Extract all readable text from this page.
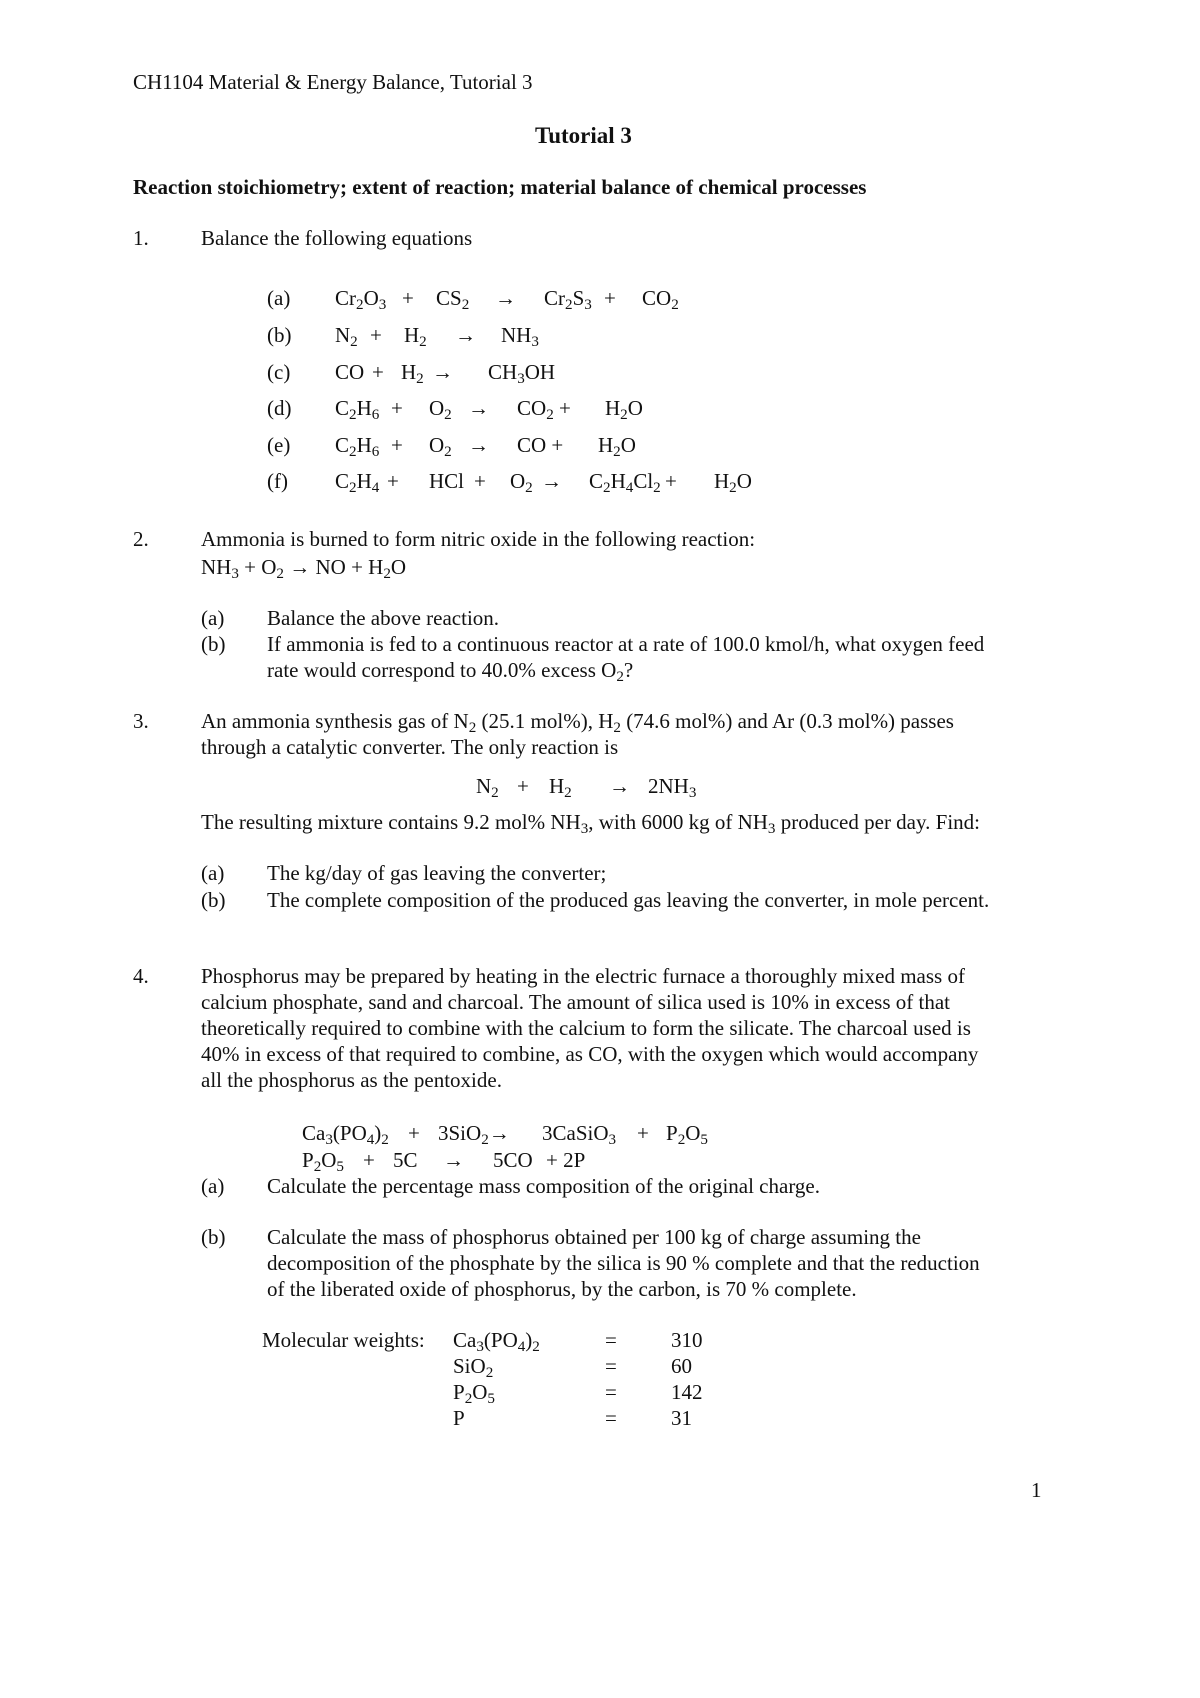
CH1104 Material & Energy Balance, Tutorial 3
Tutorial 3
Reaction stoichiometry; extent of reaction; material balance of chemical processes
1. Balance the following equations
(a) $Cr_2O_3 + CS_2 \to Cr_2S_3 + CO_2$
(b) $N_2 + H_2 \to NH_3$
(c) CO + $H_2 \to CH_3OH$
(d) $C_2H_6 + O_2 \to CO_2 + H_2O$
(e) $C_2H_6 + O_2$ → CO + $H_2O$
(f) $C_2H_4$ + HCl + $O_2 \to C_2H_4Cl_2 + H_2O$
2. Ammonia is burned to form nitric oxide in the following reaction:
$NH_3 + O_2$ → NO + $H_2O$
(a) Balance the above reaction.
(b) If ammonia is fed to a continuous reactor at a rate of 100.0 kmol/h, what oxygen feed
rate would correspond to 40.0% excess $O_2$?
3. An ammonia synthesis gas of $N_2$ (25.1 mol%), $H_2$ (74.6 mol%) and Ar (0.3 mol%) passes
through a catalytic converter. The only reaction is
$N_2 + H_2 \to 2NH_3$
The resulting mixture contains 9.2 mol% $NH_3$, with 6000 kg of $NH_3$ produced per day. Find:
(a) The kg/day of gas leaving the converter;
(b) The complete composition of the produced gas leaving the converter, in mole percent.
4. Phosphorus may be prepared by heating in the electric furnace a thoroughly mixed mass of
calcium phosphate, sand and charcoal. The amount of silica used is 10% in excess of that
theoretically required to combine with the calcium to form the silicate. The charcoal used is
40% in excess of that required to combine, as CO, with the oxygen which would accompany
all the phosphorus as the pentoxide.
$Ca_3(PO_4)_2 + 3SiO_2\to$ 3CaSiO$_3$ + $P_2O_5$
$P_2O_5 + 5C \to 5CO + 2P$
(a) Calculate the percentage mass composition of the original charge.
(b) Calculate the mass of phosphorus obtained per 100 kg of charge assuming the
decomposition of the phosphate by the silica is 90 % complete and that the reduction
of the liberated oxide of phosphorus, by the carbon, is 70 % complete.
Molecular weights: $Ca_3(PO_4)_2$	=	310
SiO$_2$	=	60
$P_2O_5$	=	142
P	=	31
1
